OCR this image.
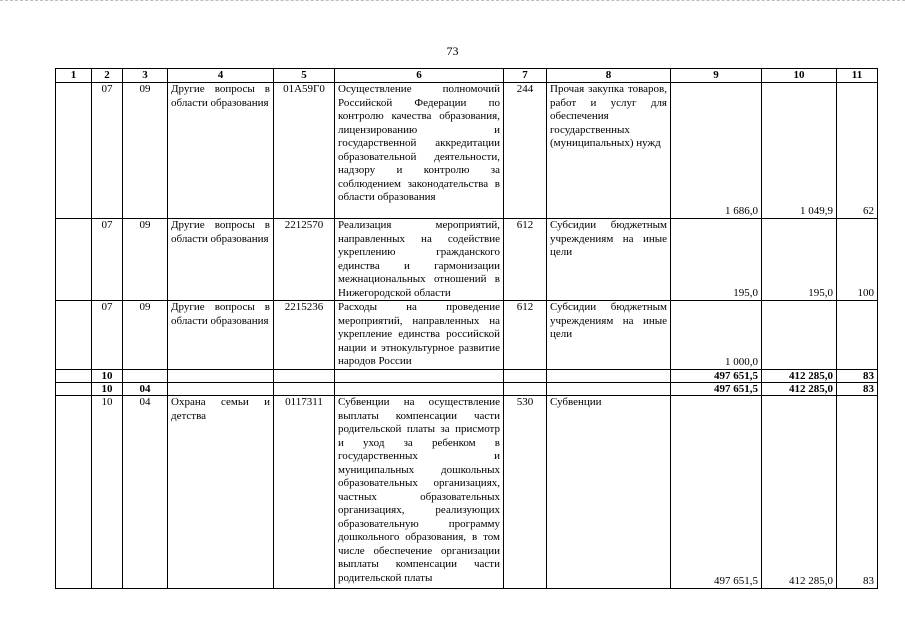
73
1	2	3	4	5	6	7	8	9	10	11
	07	09	Другие вопросы в области образования	01А59Г0	Осуществление полномочий Российской Федерации по контролю качества образования, лицензированию и государственной аккредитации образовательной деятельности, надзору и контролю за соблюдением законодательства в области образования	244	Прочая закупка товаров, работ и услуг для обеспечения государственных (муниципальных) нужд	1 686,0	1 049,9	62
	07	09	Другие вопросы в области образования	2212570	Реализация мероприятий, направленных на содействие укреплению гражданского единства и гармонизации межнациональных отношений в Нижегородской области	612	Субсидии бюджетным учреждениям на иные цели	195,0	195,0	100
	07	09	Другие вопросы в области образования	2215236	Расходы на проведение мероприятий, направленных на укрепление единства российской нации и этнокультурное развитие народов России	612	Субсидии бюджетным учреждениям на иные цели	1 000,0		
	10							497 651,5	412 285,0	83
	10	04						497 651,5	412 285,0	83
	10	04	Охрана семьи и детства	0117311	Субвенции на осуществление выплаты компенсации части родительской платы за присмотр и уход за ребенком в государственных и муниципальных дошкольных образовательных организациях, частных образовательных организациях, реализующих образовательную программу дошкольного образования, в том числе обеспечение организации выплаты компенсации части родительской платы	530	Субвенции	497 651,5	412 285,0	83
